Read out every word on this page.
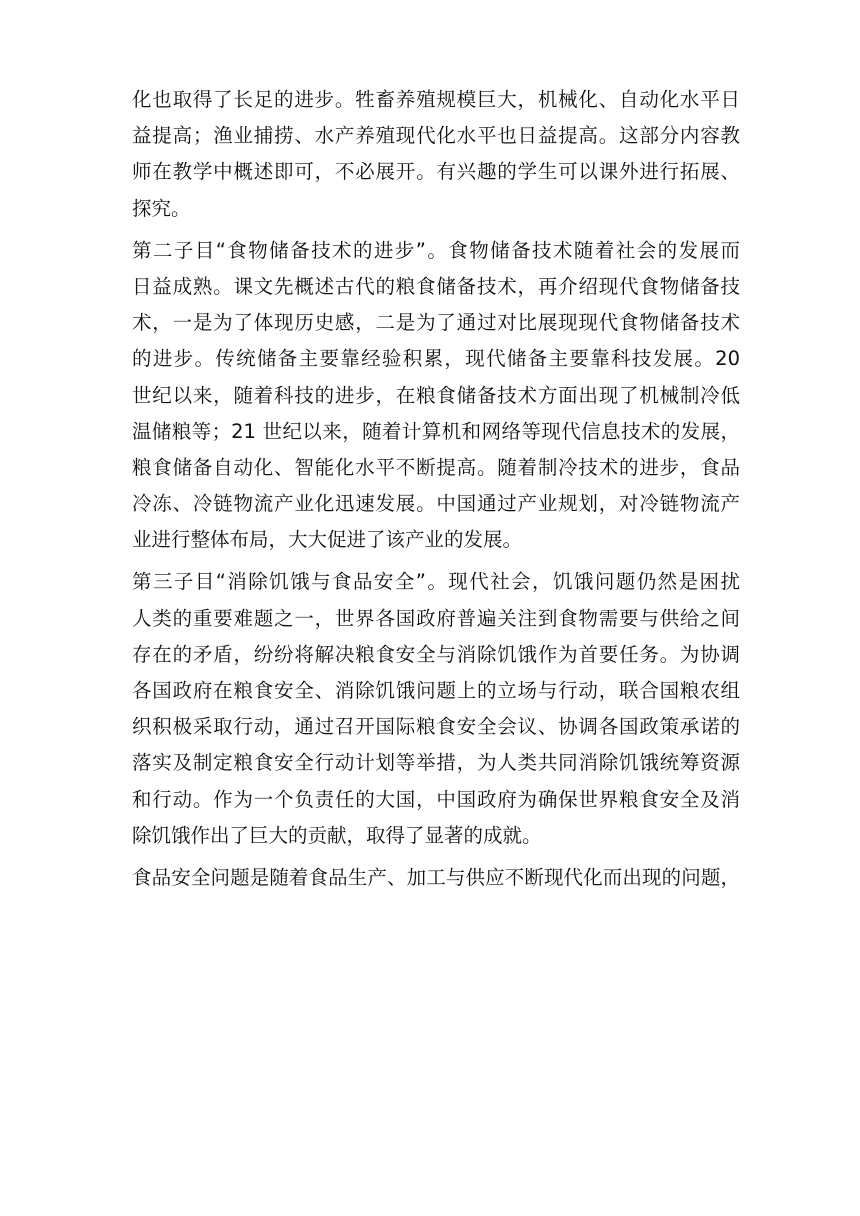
化也取得了长足的进步。牲畜养殖规模巨大，机械化、自动化水平日
益提高；渔业捕捞、水产养殖现代化水平也日益提高。这部分内容教
师在教学中概述即可，不必展开。有兴趣的学生可以课外进行拓展、
探究。
第二子目“食物储备技术的进步”。食物储备技术随着社会的发展而
日益成熟。课文先概述古代的粮食储备技术，再介绍现代食物储备技
术，一是为了体现历史感，二是为了通过对比展现现代食物储备技术
的进步。传统储备主要靠经验积累，现代储备主要靠科技发展。20
世纪以来，随着科技的进步，在粮食储备技术方面出现了机械制冷低
温储粮等；21 世纪以来，随着计算机和网络等现代信息技术的发展，
粮食储备自动化、智能化水平不断提高。随着制冷技术的进步，食品
冷冻、冷链物流产业化迅速发展。中国通过产业规划，对冷链物流产
业进行整体布局，大大促进了该产业的发展。
第三子目“消除饥饿与食品安全”。现代社会，饥饿问题仍然是困扰
人类的重要难题之一，世界各国政府普遍关注到食物需要与供给之间
存在的矛盾，纷纷将解决粮食安全与消除饥饿作为首要任务。为协调
各国政府在粮食安全、消除饥饿问题上的立场与行动，联合国粮农组
织积极采取行动，通过召开国际粮食安全会议、协调各国政策承诺的
落实及制定粮食安全行动计划等举措，为人类共同消除饥饿统筹资源
和行动。作为一个负责任的大国，中国政府为确保世界粮食安全及消
除饥饿作出了巨大的贡献，取得了显著的成就。
食品安全问题是随着食品生产、加工与供应不断现代化而出现的问题，
